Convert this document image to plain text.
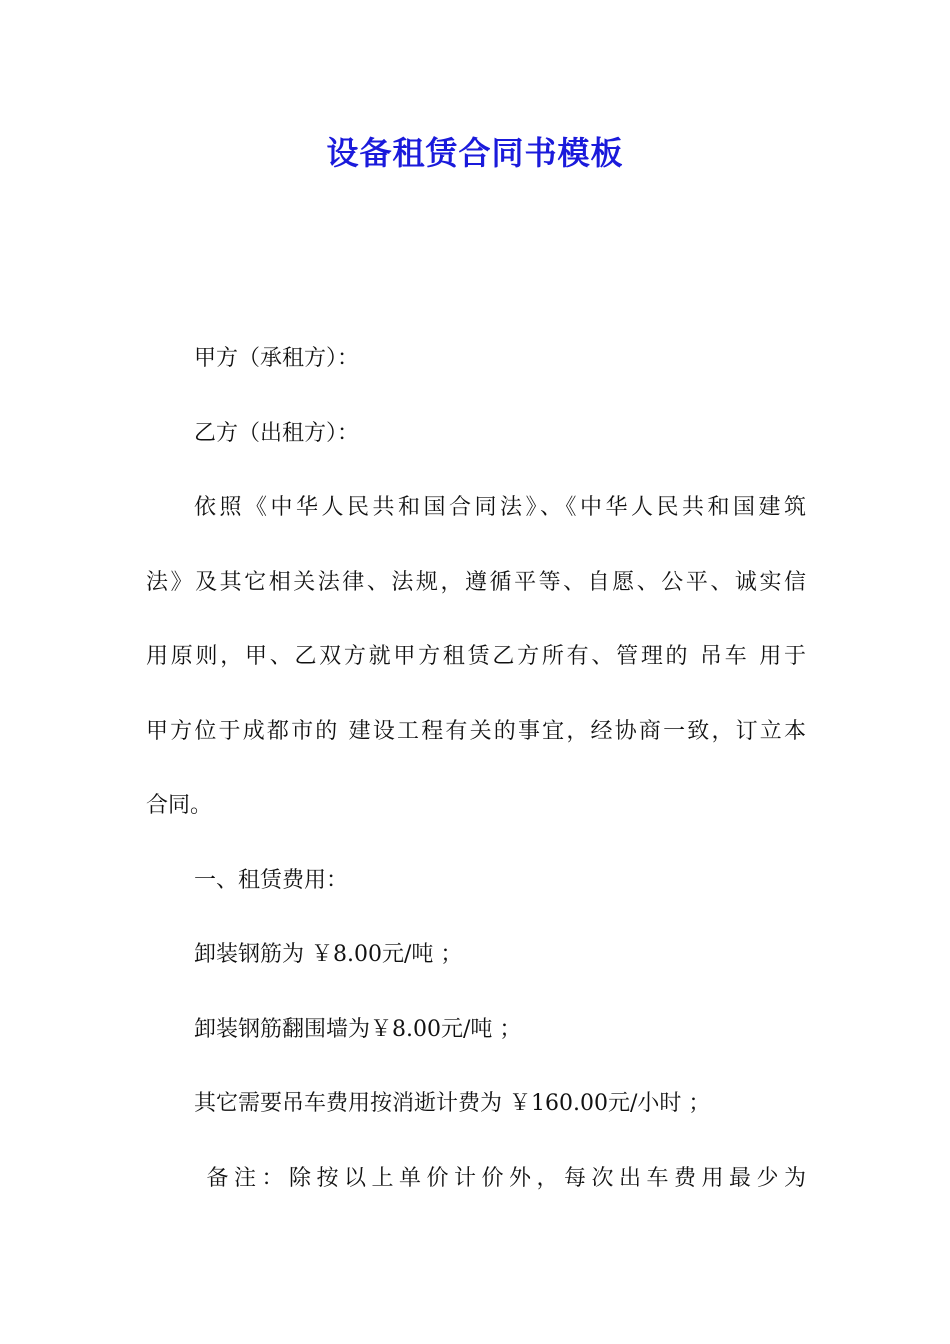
设备租赁合同书模板

甲方（承租方）：

乙方（出租方）：

依照《中华人民共和国合同法》、《中华人民共和国建筑

法》及其它相关法律、法规，遵循平等、自愿、公平、诚实信

用原则，甲、乙双方就甲方租赁乙方所有、管理的 吊车 用于

甲方位于成都市的 建设工程有关的事宜，经协商一致，订立本

合同。

一、租赁费用：

卸装钢筋为 ￥8.00元/吨 ；

卸装钢筋翻围墙为￥8.00元/吨 ；

其它需要吊车费用按消逝计费为 ￥160.00元/小时 ；

备注：除按以上单价计价外，每次出车费用最少为
